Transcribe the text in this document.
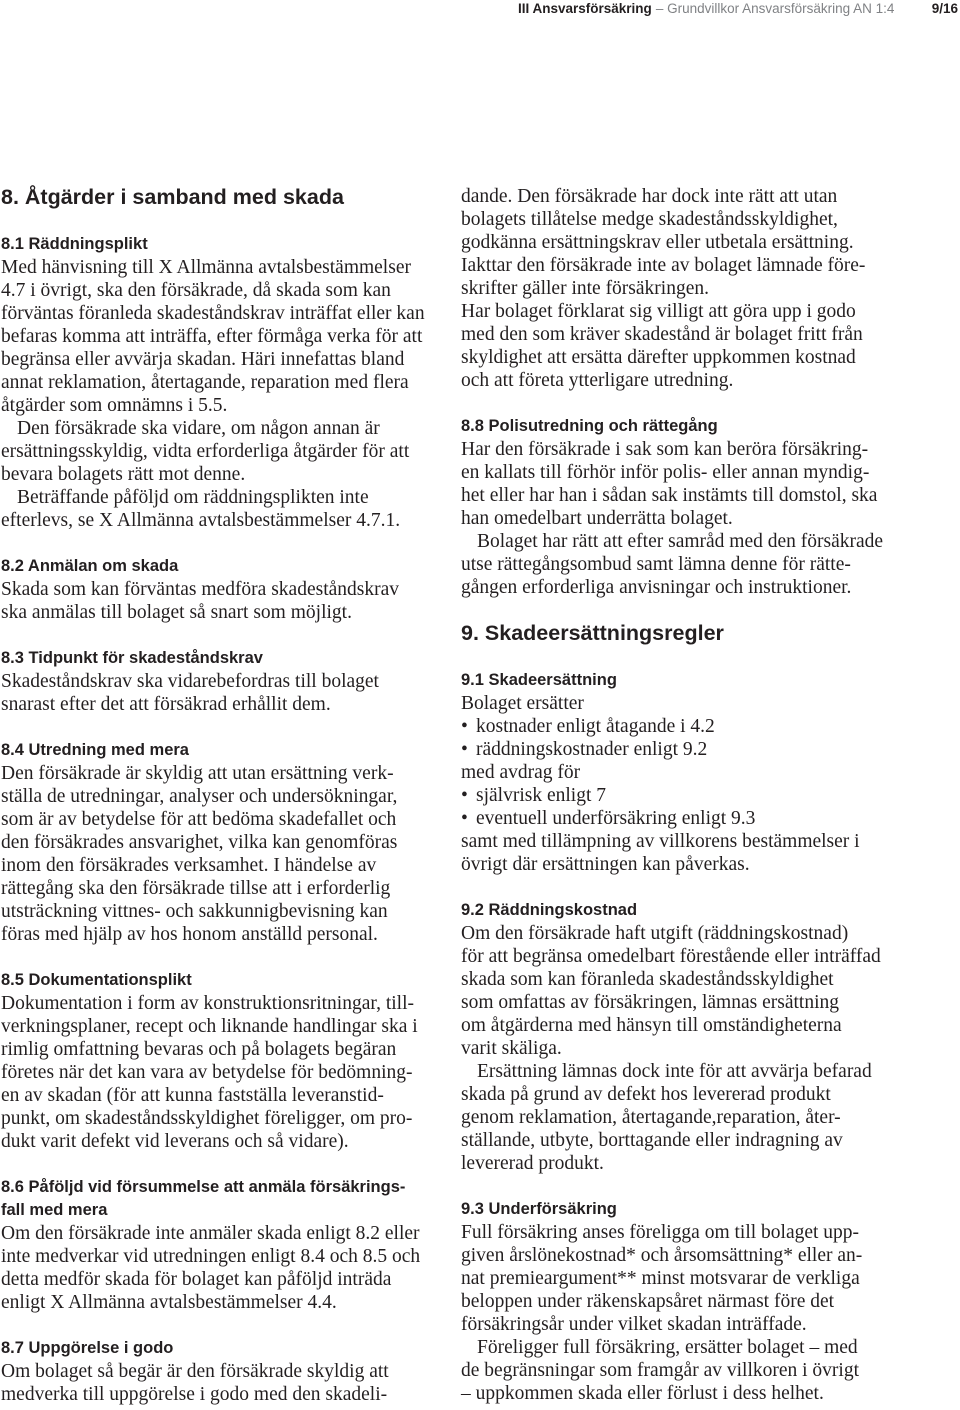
III Ansvarsförsäkring – Grundvillkor Ansvarsförsäkring AN 1:4	9/16
8. Åtgärder i samband med skada
8.1 Räddningsplikt

Med hänvisning till X Allmänna avtalsbestämmelser
4.7 i övrigt, ska den försäkrade, då skada som kan
förväntas föranleda skadeståndskrav inträffat eller kan
befaras komma att inträffa, efter förmåga verka för att
begränsa eller avvärja skadan. Häri innefattas bland
annat reklamation, återtagande, reparation med flera
åtgärder som omnämns i 5.5.

Den försäkrade ska vidare, om någon annan är
ersättningsskyldig, vidta erforderliga åtgärder för att
bevara bolagets rätt mot denne.

Beträffande påföljd om räddningsplikten inte
efterlevs, se X Allmänna avtalsbestämmelser 4.7.1.

8.2 Anmälan om skada

Skada som kan förväntas medföra skadeståndskrav
ska anmälas till bolaget så snart som möjligt.

8.3 Tidpunkt för skadeståndskrav

Skadeståndskrav ska vidarebefordras till bolaget
snarast efter det att försäkrad erhållit dem.

8.4 Utredning med mera

Den försäkrade är skyldig att utan ersättning verk-
ställa de utredningar, analyser och undersökningar,
som är av betydelse för att bedöma skadefallet och
den försäkrades ansvarighet, vilka kan genomföras
inom den försäkrades verksamhet. I händelse av
rättegång ska den försäkrade tillse att i erforderlig
utsträckning vittnes- och sakkunnigbevisning kan
föras med hjälp av hos honom anställd personal.

8.5 Dokumentationsplikt

Dokumentation i form av konstruktionsritningar, till-
verkningsplaner, recept och liknande handlingar ska i
rimlig omfattning bevaras och på bolagets begäran
företes när det kan vara av betydelse för bedömning-
en av skadan (för att kunna fastställa leveranstid-
punkt, om skadeståndsskyldighet föreligger, om pro-
dukt varit defekt vid leverans och så vidare).

8.6 Påföljd vid försummelse att anmäla försäkrings-
fall med mera

Om den försäkrade inte anmäler skada enligt 8.2 eller
inte medverkar vid utredningen enligt 8.4 och 8.5 och
detta medför skada för bolaget kan påföljd inträda
enligt X Allmänna avtalsbestämmelser 4.4.

8.7 Uppgörelse i godo

Om bolaget så begär är den försäkrade skyldig att
medverka till uppgörelse i godo med den skadeli-

dande. Den försäkrade har dock inte rätt att utan
bolagets tillåtelse medge skadeståndsskyldighet,
godkänna ersättningskrav eller utbetala ersättning.
Iakttar den försäkrade inte av bolaget lämnade före-
skrifter gäller inte försäkringen.

Har bolaget förklarat sig villigt att göra upp i godo
med den som kräver skadestånd är bolaget fritt från
skyldighet att ersätta därefter uppkommen kostnad
och att företa ytterligare utredning.

8.8 Polisutredning och rättegång

Har den försäkrade i sak som kan beröra försäkring-
en kallats till förhör inför polis- eller annan myndig-
het eller har han i sådan sak instämts till domstol, ska
han omedelbart underrätta bolaget.

Bolaget har rätt att efter samråd med den försäkrade
utse rättegångsombud samt lämna denne för rätte-
gången erforderliga anvisningar och instruktioner.

9. Skadeersättningsregler
9.1 Skadeersättning

Bolaget ersätter

•
kostnader enligt åtagande i 4.2
•
räddningskostnader enligt 9.2

med avdrag för

•
självrisk enligt 7
•
eventuell underförsäkring enligt 9.3

samt med tillämpning av villkorens bestämmelser i
övrigt där ersättningen kan påverkas.

9.2 Räddningskostnad

Om den försäkrade haft utgift (räddningskostnad)
för att begränsa omedelbart förestående eller inträffad
skada som kan föranleda skadeståndsskyldighet
som omfattas av försäkringen, lämnas ersättning
om åtgärderna med hänsyn till omständigheterna
varit skäliga.

Ersättning lämnas dock inte för att avvärja befarad
skada på grund av defekt hos levererad produkt
genom reklamation, återtagande,reparation, åter-
ställande, utbyte, borttagande eller indragning av
levererad produkt.

9.3 Underförsäkring

Full försäkring anses föreligga om till bolaget upp-
given årslönekostnad* och årsomsättning* eller an-
nat premieargument** minst motsvarar de verkliga
beloppen under räkenskapsåret närmast före det
försäkringsår under vilket skadan inträffade.

Föreligger full försäkring, ersätter bolaget – med
de begränsningar som framgår av villkoren i övrigt
– uppkommen skada eller förlust i dess helhet.
